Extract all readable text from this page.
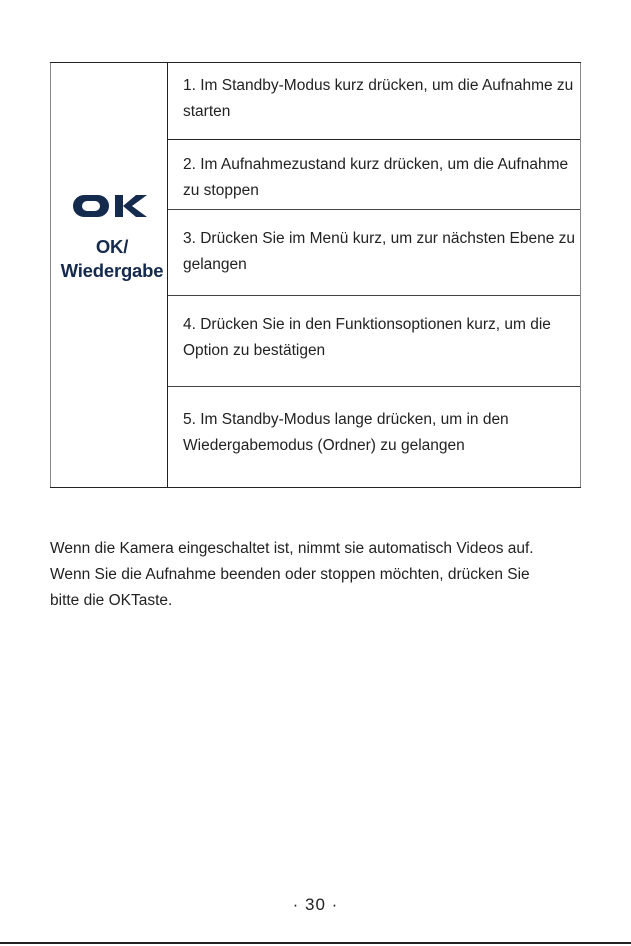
OK/
Wiedergabe
1. Im Standby-Modus kurz drücken, um die Aufnahme zu starten
2. Im Aufnahmezustand kurz drücken, um die Aufnahme zu stoppen
3. Drücken Sie im Menü kurz, um zur nächsten Ebene zu gelangen
4. Drücken Sie in den Funktionsoptionen kurz, um die Option zu bestätigen
5. Im Standby-Modus lange drücken, um in den Wiedergabemodus (Ordner) zu gelangen
Wenn die Kamera eingeschaltet ist, nimmt sie automatisch Videos auf.
Wenn Sie die Aufnahme beenden oder stoppen möchten, drücken Sie
bitte die OKTaste.
· 30 ·
